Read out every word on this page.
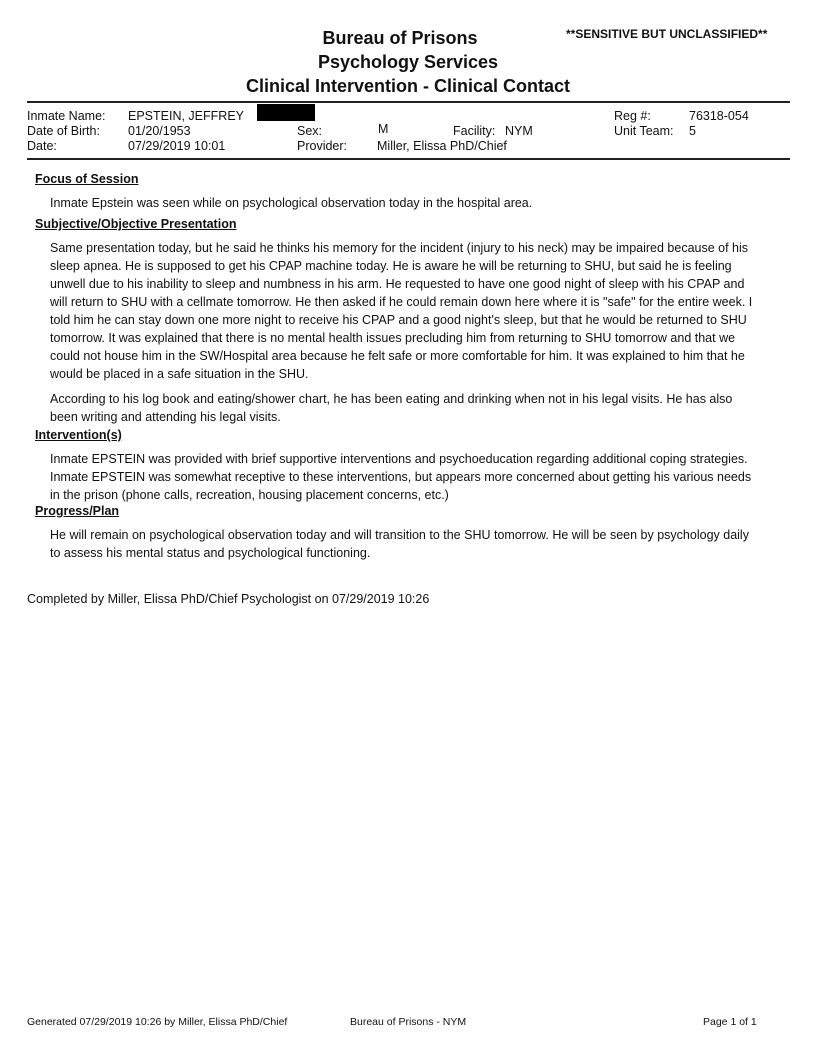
**SENSITIVE BUT UNCLASSIFIED**
Bureau of Prisons
Psychology Services
Clinical Intervention - Clinical Contact
Inmate Name: EPSTEIN, JEFFREY
Date of Birth: 01/20/1953
Date:	07/29/2019 10:01
Sex:	M
Provider: Miller, Elissa PhD/Chief
Facility: NYM
Reg #:	76318-054
Unit Team: 5
Focus of Session
Inmate Epstein was seen while on psychological observation today in the hospital area.
Subjective/Objective Presentation
Same presentation today, but he said he thinks his memory for the incident (injury to his neck) may be impaired because of his sleep apnea. He is supposed to get his CPAP machine today. He is aware he will be returning to SHU, but said he is feeling unwell due to his inability to sleep and numbness in his arm. He requested to have one good night of sleep with his CPAP and will return to SHU with a cellmate tomorrow. He then asked if he could remain down here where it is "safe" for the entire week. I told him he can stay down one more night to receive his CPAP and a good night's sleep, but that he would be returned to SHU tomorrow. It was explained that there is no mental health issues precluding him from returning to SHU tomorrow and that we could not house him in the SW/Hospital area because he felt safe or more comfortable for him. It was explained to him that he would be placed in a safe situation in the SHU.
According to his log book and eating/shower chart, he has been eating and drinking when not in his legal visits. He has also been writing and attending his legal visits.
Intervention(s)
Inmate EPSTEIN was provided with brief supportive interventions and psychoeducation regarding additional coping strategies. Inmate EPSTEIN was somewhat receptive to these interventions, but appears more concerned about getting his various needs in the prison (phone calls, recreation, housing placement concerns, etc.)
Progress/Plan
He will remain on psychological observation today and will transition to the SHU tomorrow. He will be seen by psychology daily to assess his mental status and psychological functioning.
Completed by Miller, Elissa PhD/Chief Psychologist on 07/29/2019 10:26
Generated 07/29/2019 10:26 by Miller, Elissa PhD/Chief	Bureau of Prisons - NYM	Page 1 of 1
